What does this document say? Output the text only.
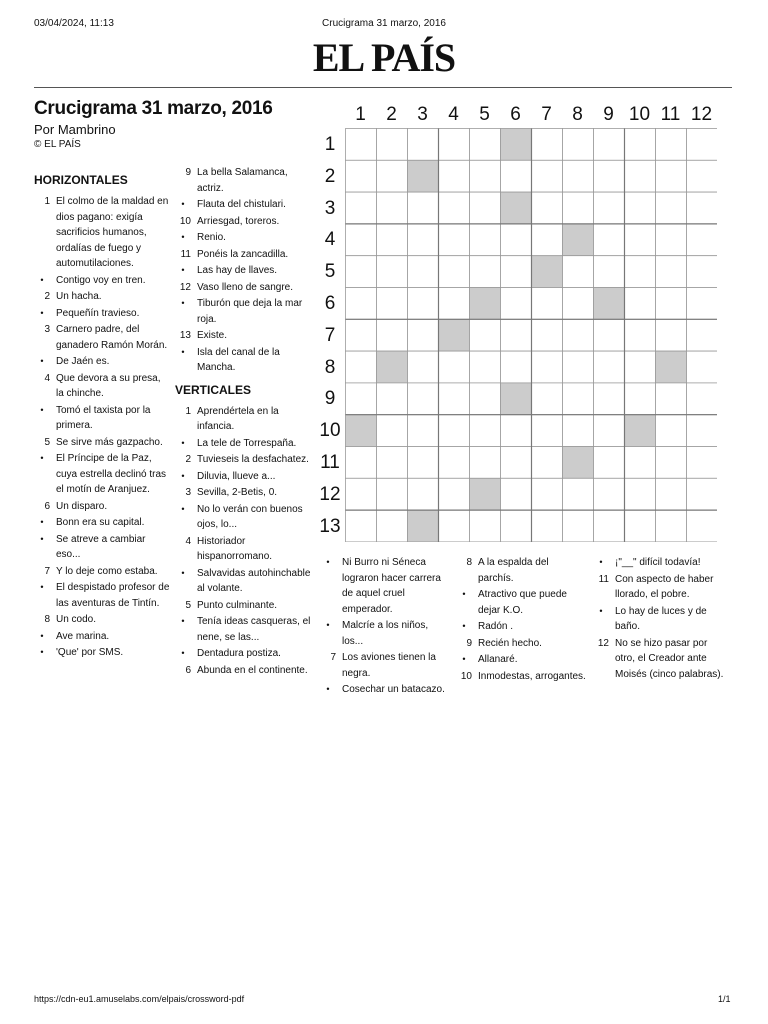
03/04/2024, 11:13	Crucigrama 31 marzo, 2016
EL PAÍS
Crucigrama 31 marzo, 2016
Por Mambrino
© EL PAÍS
HORIZONTALES
1 El colmo de la maldad en dios pagano: exigía sacrificios humanos, ordalías de fuego y automutilaciones.
•	Contigo voy en tren.
2 Un hacha.
•	Pequeñín travieso.
3 Carnero padre, del ganadero Ramón Morán.
•	De Jaén es.
4 Que devora a su presa, la chinche.
•	Tomó el taxista por la primera.
5 Se sirve más gazpacho.
•	El Príncipe de la Paz, cuya estrella declinó tras el motín de Aranjuez.
6 Un disparo.
•	Bonn era su capital.
•	Se atreve a cambiar eso...
7 Y lo deje como estaba.
•	El despistado profesor de las aventuras de Tintín.
8 Un codo.
•	Ave marina.
•	'Que' por SMS.
9 La bella Salamanca, actriz.
•	Flauta del chistulari.
10 Arriesgad, toreros.
•	Renio.
11 Ponéis la zancadilla.
•	Las hay de llaves.
12 Vaso lleno de sangre.
•	Tiburón que deja la mar roja.
13 Existe.
•	Isla del canal de la Mancha.
VERTICALES
1 Aprendértela en la infancia.
•	La tele de Torrespaña.
2 Tuvieseis la desfachatez.
•	Diluvia, llueve a...
3 Sevilla, 2-Betis, 0.
•	No lo verán con buenos ojos, lo...
4 Historiador hispanorromano.
•	Salvavidas autohinchable al volante.
5 Punto culminante.
•	Tenía ideas casqueras, el nene, se las...
•	Dentadura postiza.
6 Abunda en el continente.
•	Ni Burro ni Séneca lograron hacer carrera de aquel cruel emperador.
•	Malcríe a los niños, los...
7 Los aviones tienen la negra.
•	Cosechar un batacazo.
8 A la espalda del parchís.
•	Atractivo que puede dejar K.O.
•	Radón .
9 Recién hecho.
•	Allanaré.
10 Inmodestas, arrogantes.
•	¡"__" difícil todavía!
11 Con aspecto de haber llorado, el pobre.
•	Lo hay de luces y de baño.
12 No se hizo pasar por otro, el Creador ante Moisés (cinco palabras).
1	2	3	4	5	6	7	8	9 10 11 12
1
2
3
4
5
6
7
8
9
10
11
12
13
https://cdn-eu1.amuselabs.com/elpais/crossword-pdf	1/1
